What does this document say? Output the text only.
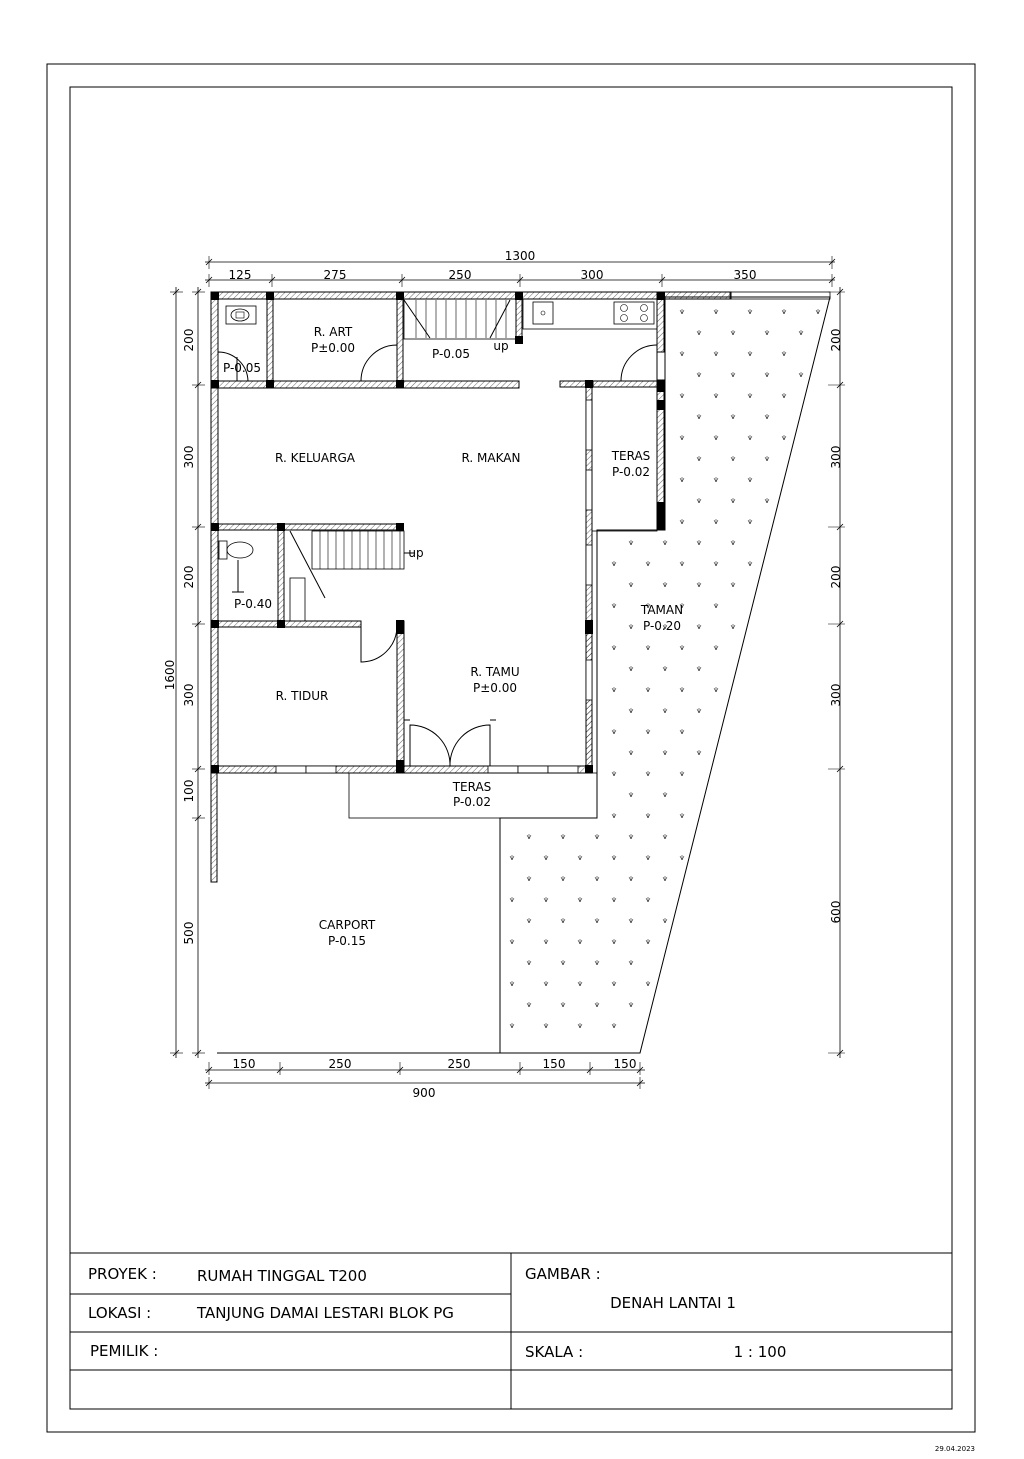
1300
125	275	250	300	350
1600
200
300
200
300
100
500
200
300
200
300
600
150	250	250	150	150
900
R. ART
P±0.00
P-0.05
P-0.05
up
R. KELUARGA	R. MAKAN	TERAS
P-0.02
up
P-0.40	TAMAN
P-0.20
R. TAMU
P±0.00
R. TIDUR
TERAS
P-0.02
CARPORT
P-0.15
PROYEK :	RUMAH TINGGAL T200
LOKASI :	TANJUNG DAMAI LESTARI BLOK PG
PEMILIK :
GAMBAR :
DENAH LANTAI 1
SKALA :	1 : 100
29.04.2023
